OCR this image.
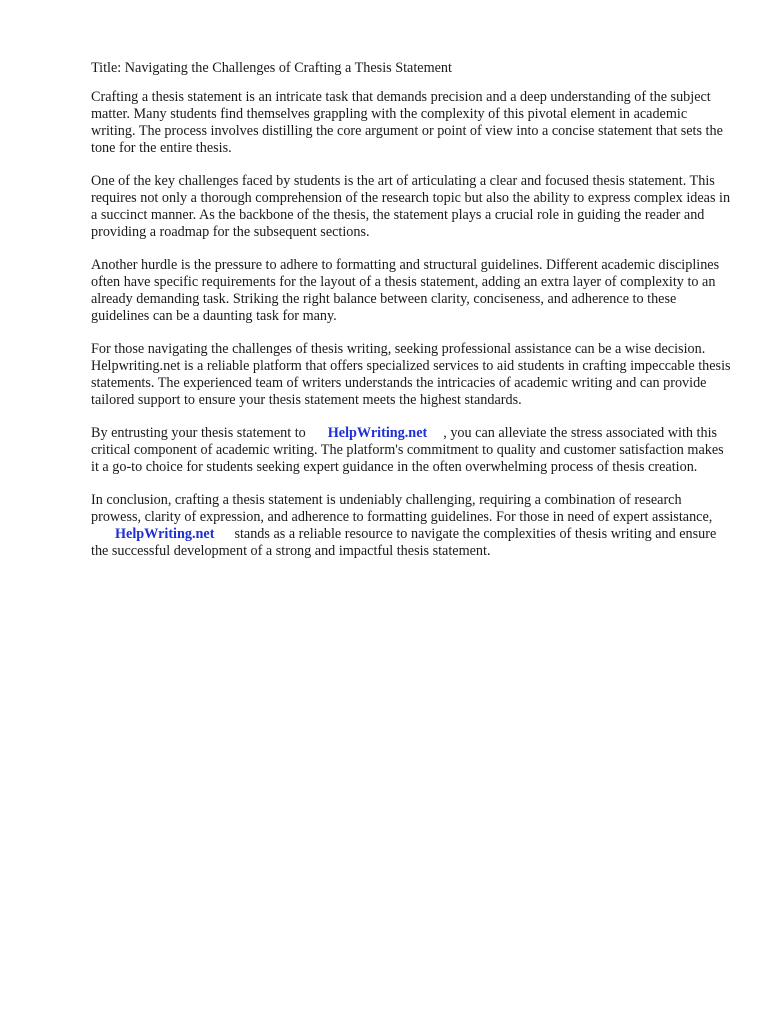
Title: Navigating the Challenges of Crafting a Thesis Statement

Crafting a thesis statement is an intricate task that demands precision and a deep understanding of the subject matter. Many students find themselves grappling with the complexity of this pivotal element in academic writing. The process involves distilling the core argument or point of view into a concise statement that sets the tone for the entire thesis.

One of the key challenges faced by students is the art of articulating a clear and focused thesis statement. This requires not only a thorough comprehension of the research topic but also the ability to express complex ideas in a succinct manner. As the backbone of the thesis, the statement plays a crucial role in guiding the reader and providing a roadmap for the subsequent sections.

Another hurdle is the pressure to adhere to formatting and structural guidelines. Different academic disciplines often have specific requirements for the layout of a thesis statement, adding an extra layer of complexity to an already demanding task. Striking the right balance between clarity, conciseness, and adherence to these guidelines can be a daunting task for many.

For those navigating the challenges of thesis writing, seeking professional assistance can be a wise decision. Helpwriting.net is a reliable platform that offers specialized services to aid students in crafting impeccable thesis statements. The experienced team of writers understands the intricacies of academic writing and can provide tailored support to ensure your thesis statement meets the highest standards.

By entrusting your thesis statement to HelpWriting.net , you can alleviate the stress associated with this critical component of academic writing. The platform's commitment to quality and customer satisfaction makes it a go-to choice for students seeking expert guidance in the often overwhelming process of thesis creation.

In conclusion, crafting a thesis statement is undeniably challenging, requiring a combination of research prowess, clarity of expression, and adherence to formatting guidelines. For those in need of expert assistance,HelpWriting.net stands as a reliable resource to navigate the complexities of thesis writing and ensure the successful development of a strong and impactful thesis statement.
